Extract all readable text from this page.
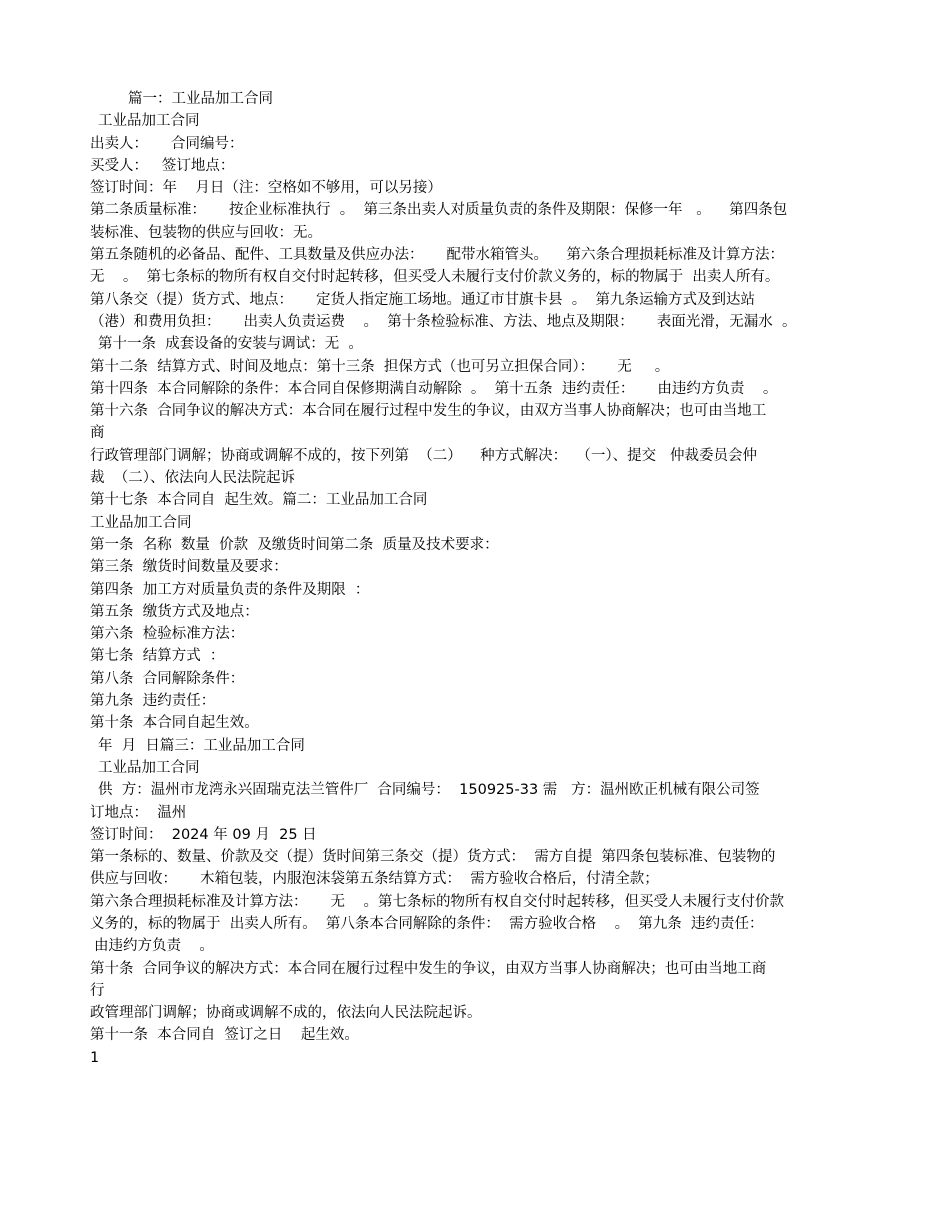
篇一：工业品加工合同
工业品加工合同
出卖人：     合同编号：
买受人：   签订地点：
签订时间：年    月日（注：空格如不够用，可以另接）
第二条质量标准：     按企业标准执行  。  第三条出卖人对质量负责的条件及期限：保修一年   。    第四条包
装标准、包装物的供应与回收：无。
第五条随机的必备品、配件、工具数量及供应办法：     配带水箱管头。    第六条合理损耗标准及计算方法：
无    。  第七条标的物所有权自交付时起转移，但买受人未履行支付价款义务的，标的物属于  出卖人所有。
第八条交（提）货方式、地点：     定货人指定施工场地。通辽市甘旗卡县  。  第九条运输方式及到达站
（港）和费用负担：     出卖人负责运费    。  第十条检验标准、方法、地点及期限：     表面光滑，无漏水  。
第十一条  成套设备的安装与调试：无  。
第十二条  结算方式、时间及地点：第十三条  担保方式（也可另立担保合同）：     无     。
第十四条  本合同解除的条件：本合同自保修期满自动解除  。  第十五条  违约责任：     由违约方负责    。
第十六条  合同争议的解决方式：本合同在履行过程中发生的争议，由双方当事人协商解决；也可由当地工
商
行政管理部门调解；协商或调解不成的，按下列第  （二）    种方式解决：  （一）、提交   仲裁委员会仲
裁  （二）、依法向人民法院起诉
第十七条  本合同自  起生效。篇二：工业品加工合同
工业品加工合同
第一条  名称  数量  价款  及缴货时间第二条  质量及技术要求：
第三条  缴货时间数量及要求：
第四条  加工方对质量负责的条件及期限  ：
第五条  缴货方式及地点：
第六条  检验标准方法：
第七条  结算方式  ：
第八条  合同解除条件：
第九条  违约责任：
第十条  本合同自起生效。
年  月  日篇三：工业品加工合同
工业品加工合同
供  方：温州市龙湾永兴固瑞克法兰管件厂  合同编号：  150925-33 需   方：温州欧正机械有限公司签
订地点：  温州
签订时间：  2024 年 09 月  25 日
第一条标的、数量、价款及交（提）货时间第三条交（提）货方式：  需方自提  第四条包装标准、包装物的
供应与回收：     木箱包装，内服泡沫袋第五条结算方式：  需方验收合格后，付清全款；
第六条合理损耗标准及计算方法：     无    。第七条标的物所有权自交付时起转移，但买受人未履行支付价款
义务的，标的物属于  出卖人所有。  第八条本合同解除的条件：  需方验收合格    。  第九条  违约责任：
由违约方负责    。
第十条  合同争议的解决方式：本合同在履行过程中发生的争议，由双方当事人协商解决；也可由当地工商
行
政管理部门调解；协商或调解不成的，依法向人民法院起诉。
第十一条  本合同自  签订之日    起生效。
1
